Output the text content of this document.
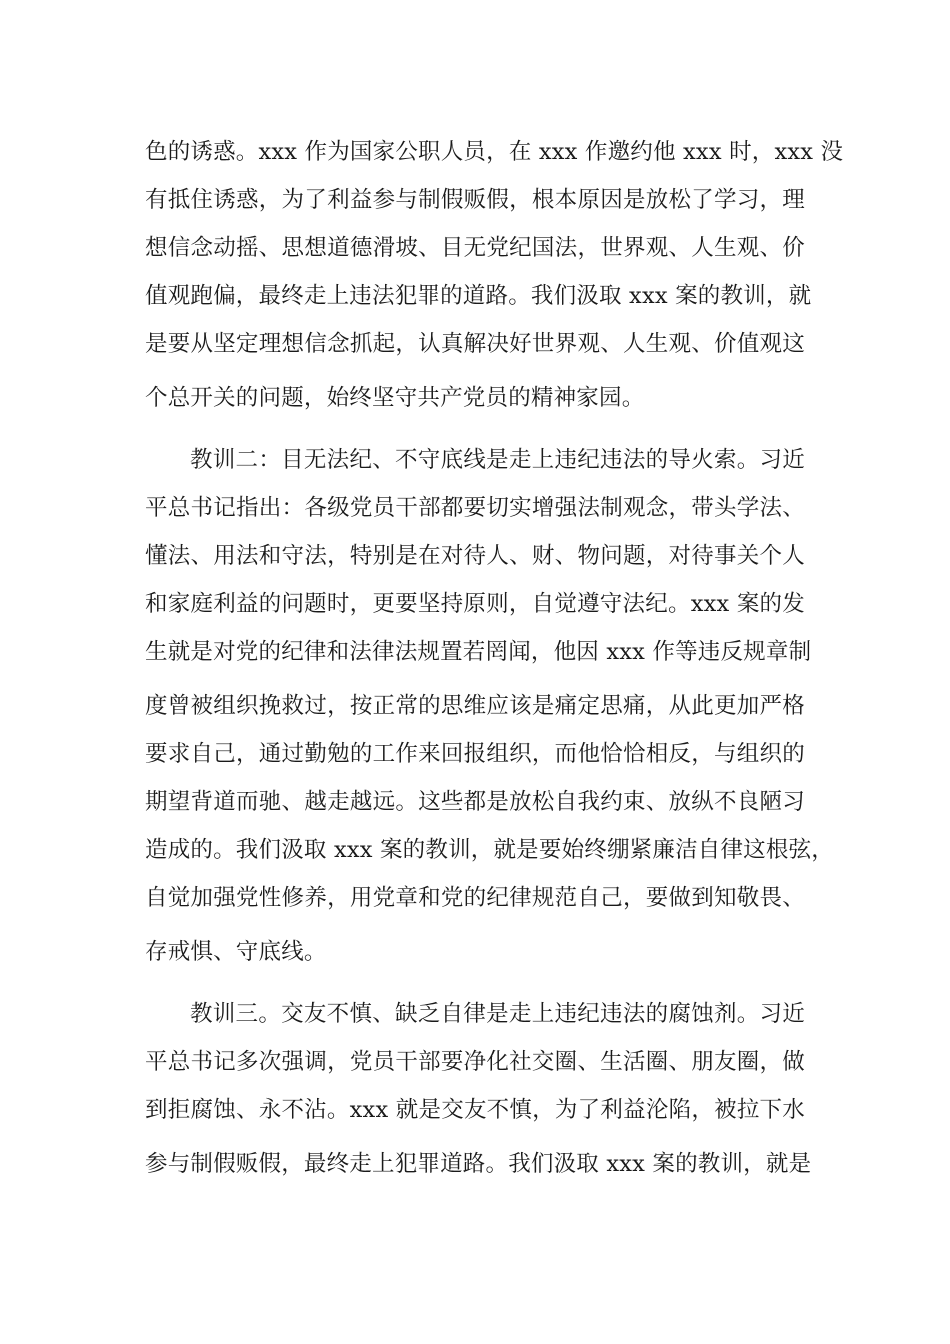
色的诱惑。xxx 作为国家公职人员，在 xxx 作邀约他 xxx 时，xxx 没
有抵住诱惑，为了利益参与制假贩假，根本原因是放松了学习，理
想信念动摇、思想道德滑坡、目无党纪国法，世界观、人生观、价
值观跑偏，最终走上违法犯罪的道路。我们汲取 xxx 案的教训，就
是要从坚定理想信念抓起，认真解决好世界观、人生观、价值观这
个总开关的问题，始终坚守共产党员的精神家园。
教训二：目无法纪、不守底线是走上违纪违法的导火索。习近
平总书记指出：各级党员干部都要切实增强法制观念，带头学法、
懂法、用法和守法，特别是在对待人、财、物问题，对待事关个人
和家庭利益的问题时，更要坚持原则，自觉遵守法纪。xxx 案的发
生就是对党的纪律和法律法规置若罔闻，他因 xxx 作等违反规章制
度曾被组织挽救过，按正常的思维应该是痛定思痛，从此更加严格
要求自己，通过勤勉的工作来回报组织，而他恰恰相反，与组织的
期望背道而驰、越走越远。这些都是放松自我约束、放纵不良陋习
造成的。我们汲取 xxx 案的教训，就是要始终绷紧廉洁自律这根弦，
自觉加强党性修养，用党章和党的纪律规范自己，要做到知敬畏、
存戒惧、守底线。
教训三。交友不慎、缺乏自律是走上违纪违法的腐蚀剂。习近
平总书记多次强调，党员干部要净化社交圈、生活圈、朋友圈，做
到拒腐蚀、永不沾。xxx 就是交友不慎，为了利益沦陷，被拉下水
参与制假贩假，最终走上犯罪道路。我们汲取 xxx 案的教训，就是
